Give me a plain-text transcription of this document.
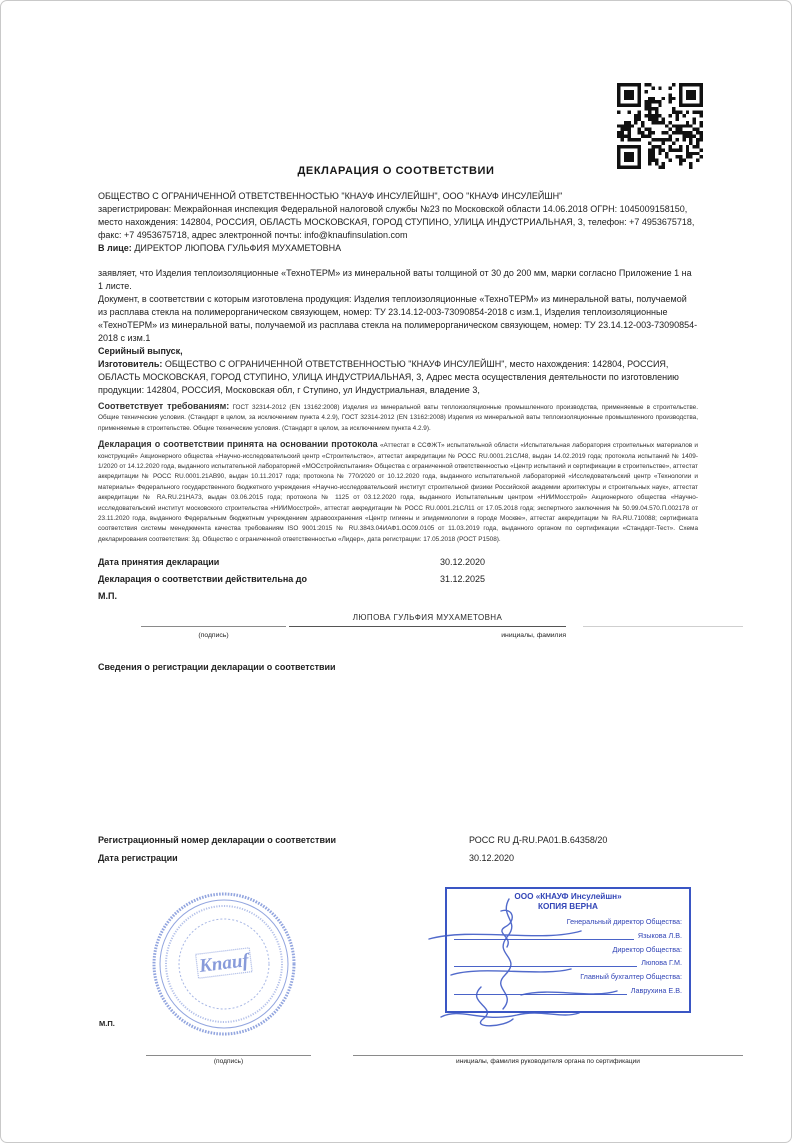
ДЕКЛАРАЦИЯ О СООТВЕТСТВИИ

ОБЩЕСТВО С ОГРАНИЧЕННОЙ ОТВЕТСТВЕННОСТЬЮ "КНАУФ ИНСУЛЕЙШН", ООО "КНАУФ ИНСУЛЕЙШН"

зарегистрирован: Межрайонная инспекция Федеральной налоговой службы №23 по Московской области 14.06.2018 ОГРН: 1045009158150, место нахождения: 142804, РОССИЯ, ОБЛАСТЬ МОСКОВСКАЯ, ГОРОД СТУПИНО, УЛИЦА ИНДУСТРИАЛЬНАЯ, 3, телефон: +7 4953675718, факс: +7 4953675718, адрес электронной почты: info@knaufinsulation.com

В лице: ДИРЕКТОР ЛЮПОВА ГУЛЬФИЯ МУХАМЕТОВНА

заявляет, что Изделия теплоизоляционные «ТехноТЕРМ» из минеральной ваты толщиной от 30 до 200 мм, марки согласно Приложение 1 на 1 листе.

Документ, в соответствии с которым изготовлена продукция: Изделия теплоизоляционные «ТехноТЕРМ» из минеральной ваты, получаемой из расплава стекла на полимерорганическом связующем, номер: ТУ 23.14.12-003-73090854-2018 с изм.1, Изделия теплоизоляционные «ТехноТЕРМ» из минеральной ваты, получаемой из расплава стекла на полимерорганическом связующем, номер: ТУ 23.14.12-003-73090854-2018 с изм.1

Серийный выпуск,

Изготовитель: ОБЩЕСТВО С ОГРАНИЧЕННОЙ ОТВЕТСТВЕННОСТЬЮ "КНАУФ ИНСУЛЕЙШН", место нахождения: 142804, РОССИЯ, ОБЛАСТЬ МОСКОВСКАЯ, ГОРОД СТУПИНО, УЛИЦА ИНДУСТРИАЛЬНАЯ, 3, Адрес места осуществления деятельности по изготовлению продукции: 142804, РОССИЯ, Московская обл, г Ступино, ул Индустриальная, владение 3,

Соответствует требованиям: ГОСТ 32314-2012 (EN 13162:2008) Изделия из минеральной ваты теплоизоляционные промышленного производства, применяемые в строительстве. Общие технические условия. (Стандарт в целом, за исключением пункта 4.2.9), ГОСТ 32314-2012 (EN 13162:2008) Изделия из минеральной ваты теплоизоляционные промышленного производства, применяемые в строительстве. Общие технические условия. (Стандарт в целом, за исключением пункта 4.2.9).

Декларация о соответствии принята на основании протокола «Аттестат в ССФЖТ» испытательной области «Испытательная лаборатория строительных материалов и конструкций» Акционерного общества «Научно-исследовательский центр «Строительство», аттестат аккредитации № РОСС RU.0001.21СЛ48, выдан 14.02.2019 года; протокола испытаний № 1409-1/2020 от 14.12.2020 года, выданного испытательной лабораторией «МОСстройиспытания» Общества с ограниченной ответственностью «Центр испытаний и сертификации в строительстве», аттестат аккредитации № РОСС RU.0001.21АВ90, выдан 10.11.2017 года; протокола № 770/2020 от 10.12.2020 года, выданного испытательной лабораторией «Исследовательский центр «Технологии и материалы» Федерального государственного бюджетного учреждения «Научно-исследовательский институт строительной физики Российской академии архитектуры и строительных наук», аттестат аккредитации № RA.RU.21НА73, выдан 03.06.2015 года; протокола № 1125 от 03.12.2020 года, выданного Испытательным центром «НИИМосстрой» Акционерного общества «Научно-исследовательский институт московского строительства «НИИМосстрой», аттестат аккредитации № РОСС RU.0001.21СЛ11 от 17.05.2018 года; экспертного заключения № 50.99.04.570.П.002178 от 23.11.2020 года, выданного Федеральным бюджетным учреждением здравоохранения «Центр гигиены и эпидемиологии в городе Москве», аттестат аккредитации № RA.RU.710088; сертификата соответствия системы менеджмента качества требованиям ISO 9001:2015 № RU.3843.04ИАФ1.ОС09.0105 от 11.03.2019 года, выданного органом по сертификации «Стандарт-Тест». Схема декларирования соответствия: 3д. Общество с ограниченной ответственностью «Лидер», дата регистрации: 17.05.2018 (РОСТ Р1508).

Дата принятия декларации	30.12.2020
Декларация о соответствии действительна до	31.12.2025

М.П.

ЛЮПОВА ГУЛЬФИЯ МУХАМЕТОВНА
(подпись)	инициалы, фамилия

Сведения о регистрации декларации о соответствии

Регистрационный номер декларации о соответствии	РОСС RU Д-RU.РА01.В.64358/20
Дата регистрации	30.12.2020
Knauf
ООО «КНАУФ Инсулейшн»
КОПИЯ ВЕРНА
Генеральный директор Общества:
Языкова Л.В.
Директор Общества:
Люпова Г.М.
Главный бухгалтер Общества:
Лаврухина Е.В.
М.П.
(подпись)	инициалы, фамилия руководителя органа по сертификации
